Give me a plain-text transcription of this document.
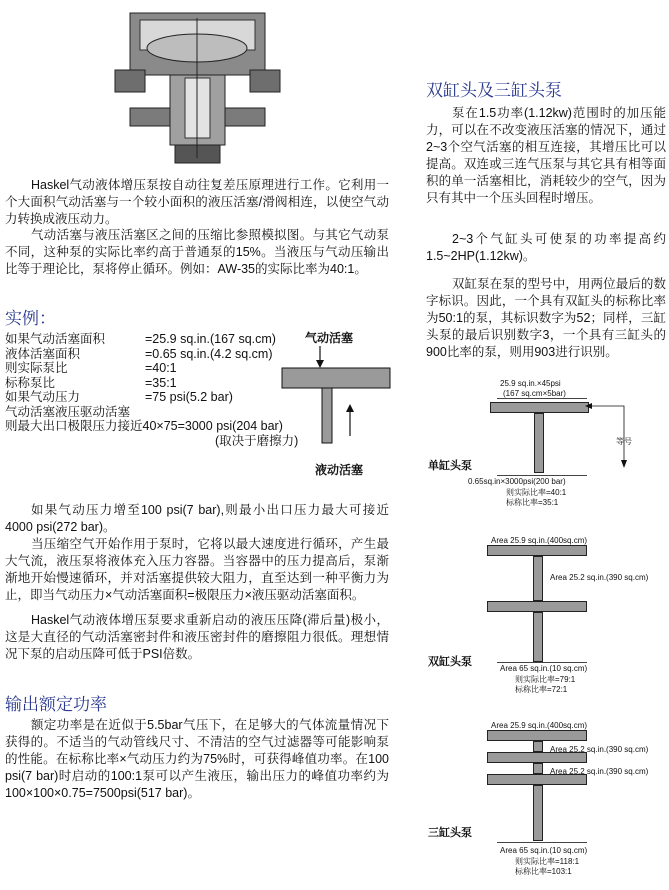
Haskel气动液体增压泵按自动往复差压原理进行工作。它利用一个大面积气动活塞与一个较小面积的液压活塞/滑阀相连，以使空气动力转换成液压动力。
气动活塞与液压活塞区之间的压缩比参照模拟图。与其它气动泵不同，这种泵的实际比率约高于普通泵的15%。当液压与气动压输出比等于理论比，泵将停止循环。例如：AW-35的实际比率为40:1。
实例：
如果气动活塞面积	=25.9 sq.in.(167 sq.cm)
液体活塞面积	=0.65 sq.in.(4.2 sq.cm)
则实际泵比	=40:1
标称泵比	=35:1
如果气动压力	=75 psi(5.2 bar)
气动活塞液压驱动活塞
则最大出口极限压力接近40×75=3000 psi(204 bar)
(取决于磨擦力)
气动活塞
液动活塞
如果气动压力增至100 psi(7 bar),则最小出口压力最大可接近4000 psi(272 bar)。
当压缩空气开始作用于泵时，它将以最大速度进行循环，产生最大气流，液压泵将液体充入压力容器。当容器中的压力提高后，泵渐渐地开始慢速循环，并对活塞提供较大阻力，直至达到一种平衡力为止，即当气动压力×气动活塞面积=极限压力×液压驱动活塞面积。
Haskel气动液体增压泵要求重新启动的液压压降(滞后量)极小，这是大直径的气动活塞密封件和液压密封件的磨擦阻力很低。理想情况下泵的启动压降可低于PSI倍数。
输出额定功率
额定功率是在近似于5.5bar气压下，在足够大的气体流量情况下获得的。不适当的气动管线尺寸、不清洁的空气过滤器等可能影响泵的性能。在标称比率×气动压力约为75%时，可获得峰值功率。在100 psi(7 bar)时启动的100:1泵可以产生液压，输出压力的峰值功率约为100×100×0.75=7500psi(517 bar)。
双缸头及三缸头泵
泵在1.5功率(1.12kw)范围时的加压能力，可以在不改变液压活塞的情况下，通过2~3个空气活塞的相互连接，其增压比可以提高。双连或三连气压泵与其它具有相等面积的单一活塞相比，消耗较少的空气，因为只有其中一个压头回程时增压。
2~3个气缸头可使泵的功率提高约1.5~2HP(1.12kw)。
双缸泵在泵的型号中，用两位最后的数字标识。因此，一个具有双缸头的标称比率为50:1的泵，其标识数字为52；同样，三缸头泵的最后识别数字3，一个具有三缸头的900比率的泵，则用903进行识别。
25.9 sq.in.×45psi
(167 sq.cm×5bar)
等号
单缸头泵
0.65sq.in×3000psi(200 bar)
则实际比率=40:1
标称比率=35:1
Area 25.9 sq.in.(400sq.cm)
Area 25.2 sq.in.(390 sq.cm)
双缸头泵
Area 65 sq.in.(10 sq.cm)
则实际比率=79:1
标称比率=72:1
Area 25.9 sq.in.(400sq.cm)
Area 25.2 sq.in.(390 sq.cm)
Area 25.2 sq.in.(390 sq.cm)
三缸头泵
Area 65 sq.in.(10 sq.cm)
则实际比率=118:1
标称比率=103:1
